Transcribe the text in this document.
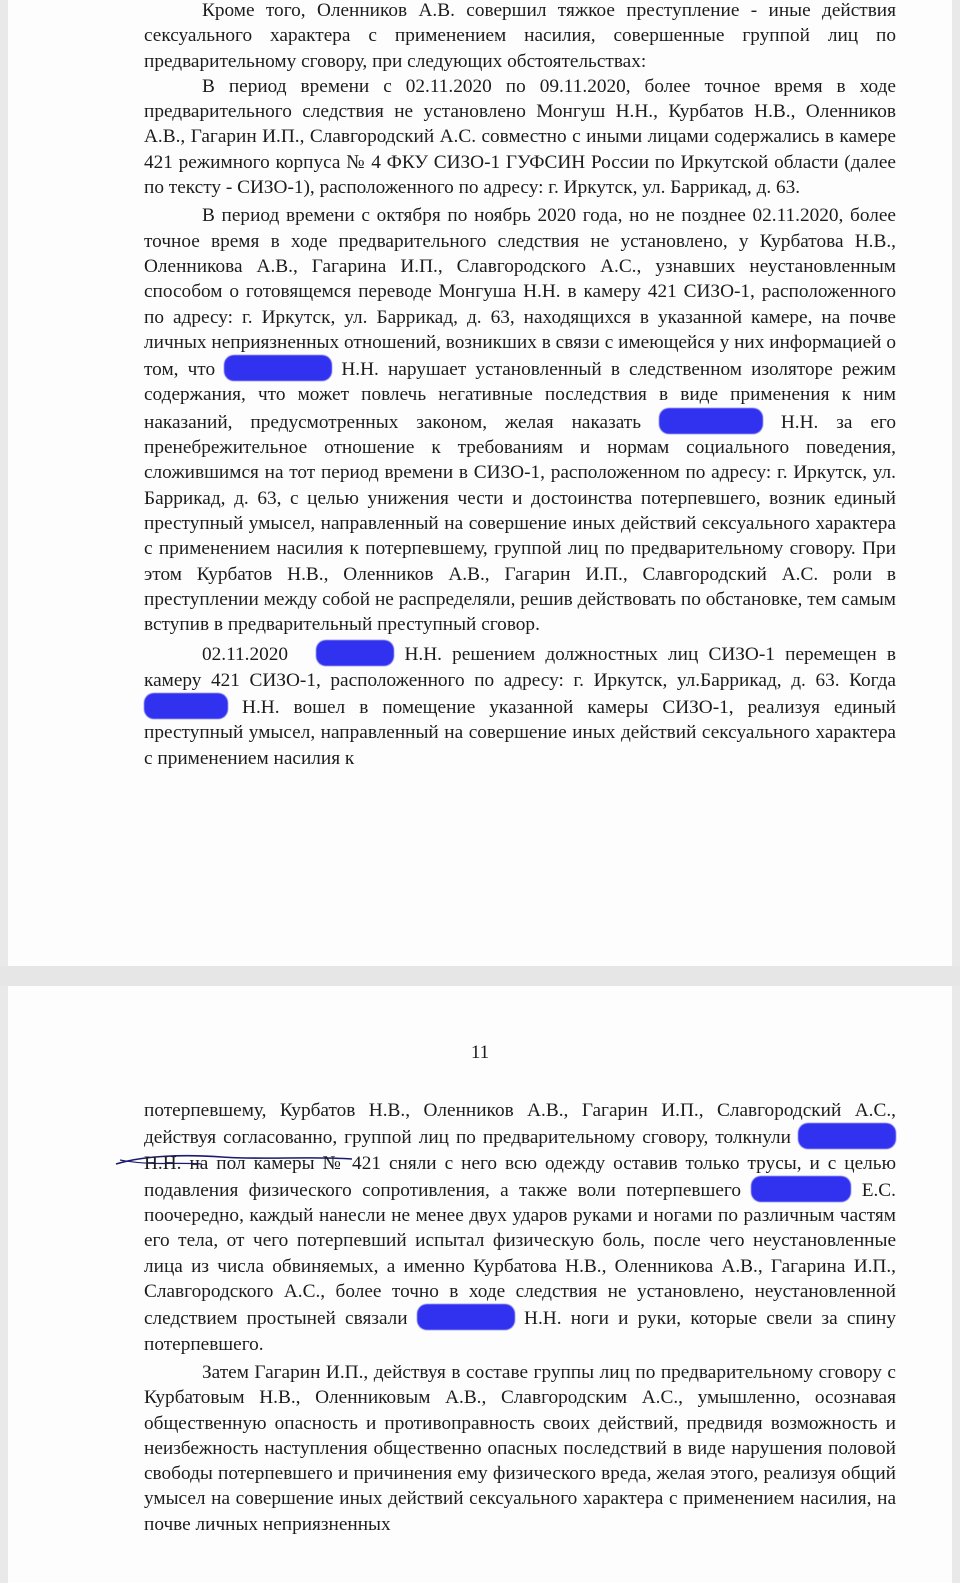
Кроме того, Оленников А.В. совершил тяжкое преступление - иные действия сексуального характера с применением насилия, совершенные группой лиц по предварительному сговору, при следующих обстоятельствах:

В период времени с 02.11.2020 по 09.11.2020, более точное время в ходе предварительного следствия не установлено Монгуш Н.Н., Курбатов Н.В., Оленников А.В., Гагарин И.П., Славгородский А.С. совместно с иными лицами содержались в камере 421 режимного корпуса № 4 ФКУ СИЗО-1 ГУФСИН России по Иркутской области (далее по тексту - СИЗО-1), расположенного по адресу: г. Иркутск, ул. Баррикад, д. 63.

В период времени с октября по ноябрь 2020 года, но не позднее 02.11.2020, более точное время в ходе предварительного следствия не установлено, у Курбатова Н.В., Оленникова А.В., Гагарина И.П., Славгородского А.С., узнавших неустановленным способом о готовящемся переводе Монгуша Н.Н. в камеру 421 СИЗО-1, расположенного по адресу: г. Иркутск, ул. Баррикад, д. 63, находящихся в указанной камере, на почве личных неприязненных отношений, возникших в связи с имеющейся у них информацией о том, что	Н.Н. нарушает установленный в следственном изоляторе режим содержания, что может повлечь негативные последствия в виде применения к ним наказаний, предусмотренных законом, желая наказать	Н.Н. за его пренебрежительное отношение к требованиям и нормам социального поведения, сложившимся на тот период времени в СИЗО-1, расположенном по адресу: г. Иркутск, ул. Баррикад, д. 63, с целью унижения чести и достоинства потерпевшего, возник единый преступный умысел, направленный на совершение иных действий сексуального характера с применением насилия к потерпевшему, группой лиц по предварительному сговору. При этом Курбатов Н.В., Оленников А.В., Гагарин И.П., Славгородский А.С. роли в преступлении между собой не распределяли, решив действовать по обстановке, тем самым вступив в предварительный преступный сговор.

02.11.2020	Н.Н. решением должностных лиц СИЗО-1 перемещен в камеру 421 СИЗО-1, расположенного по адресу: г. Иркутск, ул.Баррикад, д. 63. Когда  Н.Н. вошел в помещение указанной камеры СИЗО-1, реализуя единый преступный умысел, направленный на совершение иных действий сексуального характера с применением насилия к

11

потерпевшему, Курбатов Н.В., Оленников А.В., Гагарин И.П., Славгородский А.С., действуя согласованно, группой лиц по предварительному сговору, толкнули  Н.Н. на пол камеры № 421 сняли с него всю одежду оставив только трусы, и с целью подавления физического сопротивления, а также воли потерпевшего	Е.С. поочередно, каждый нанесли не менее двух ударов руками и ногами по различным частям его тела, от чего потерпевший испытал физическую боль, после чего неустановленные лица из числа обвиняемых, а именно Курбатова Н.В., Оленникова А.В., Гагарина И.П., Славгородского А.С., более точно в ходе следствия не установлено, неустановленной следствием простыней связали	Н.Н. ноги и руки, которые свели за спину потерпевшего.

Затем Гагарин И.П., действуя в составе группы лиц по предварительному сговору с Курбатовым Н.В., Оленниковым А.В., Славгородским А.С., умышленно, осознавая общественную опасность и противоправность своих действий, предвидя возможность и неизбежность наступления общественно опасных последствий в виде нарушения половой свободы потерпевшего и причинения ему физического вреда, желая этого, реализуя общий умысел на совершение иных действий сексуального характера с применением насилия, на почве личных неприязненных
